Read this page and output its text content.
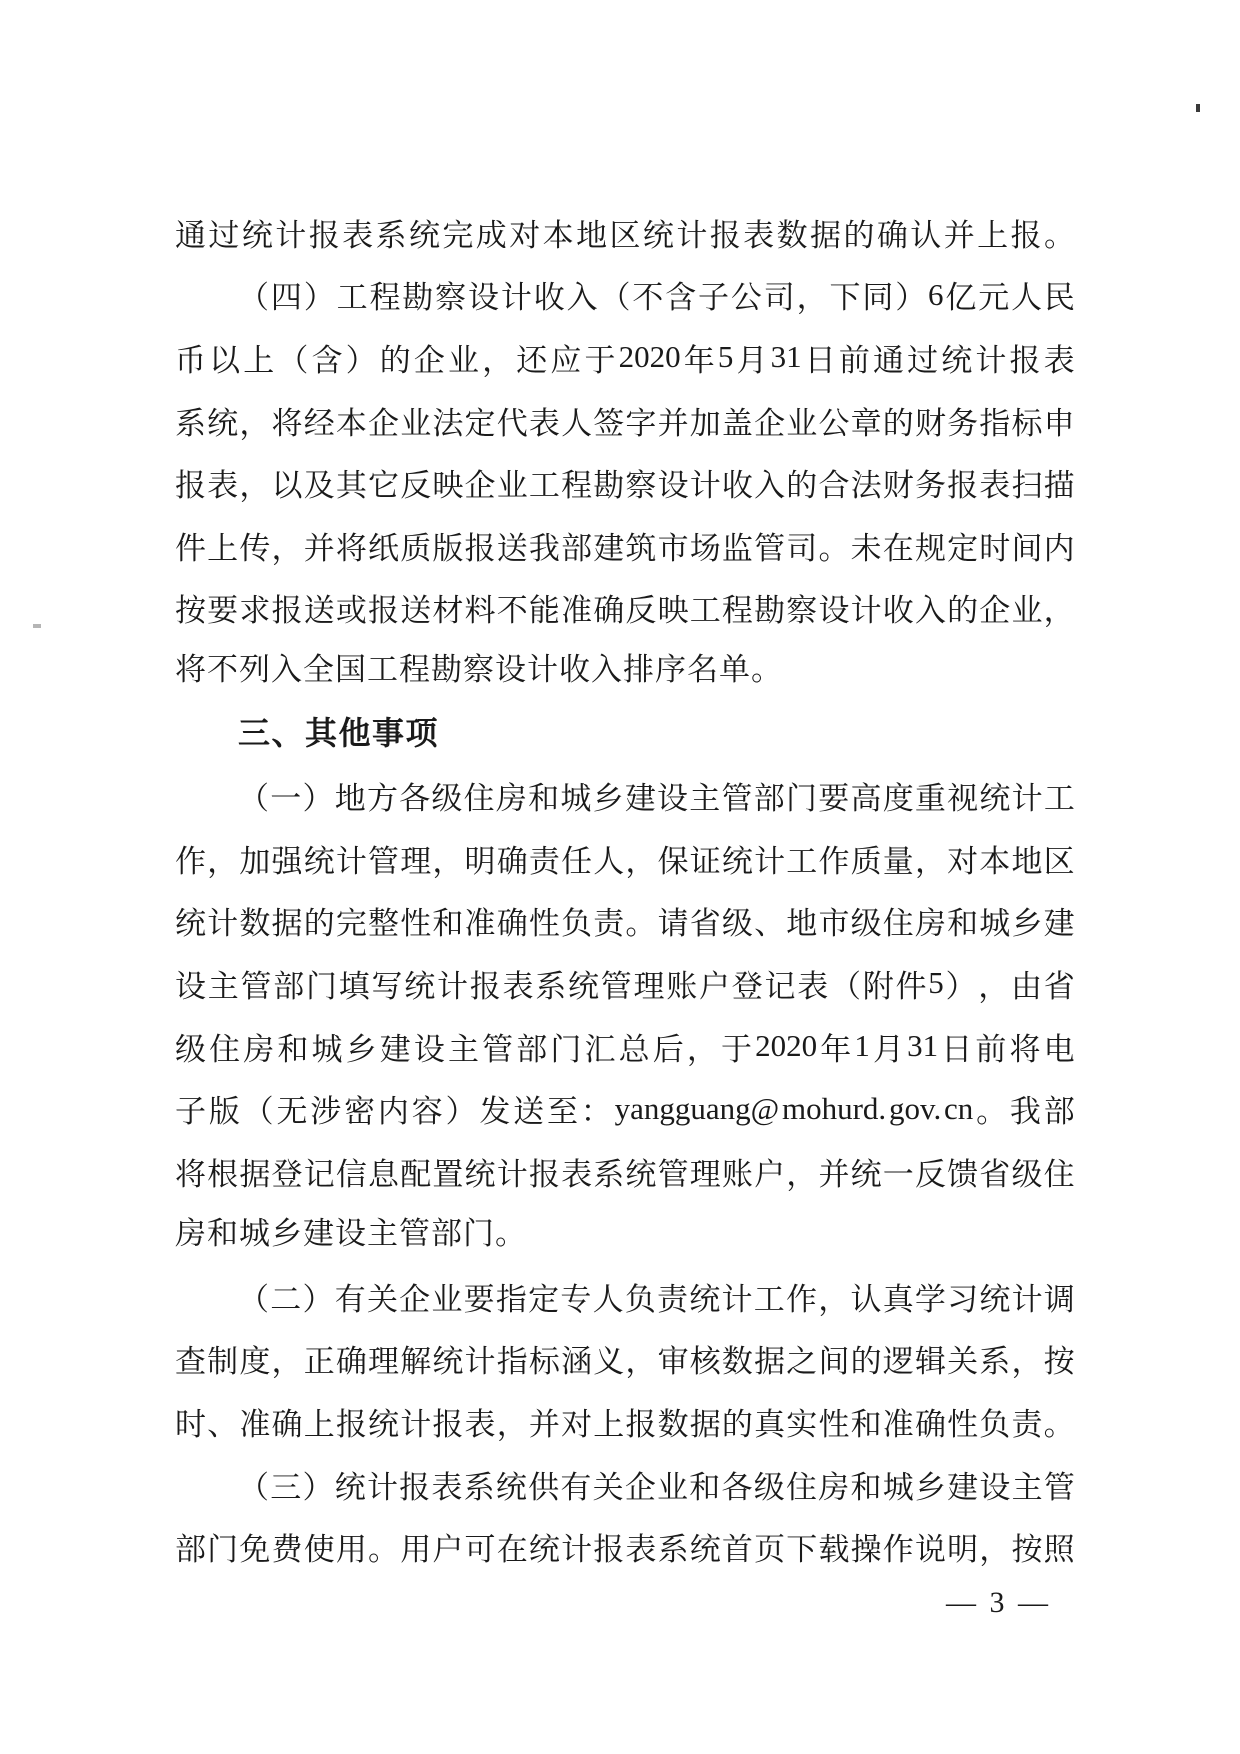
通 过 统 计 报 表 系 统 完 成 对 本 地 区 统 计 报 表 数 据 的 确 认 并 上 报 。
（ 四 ） 工 程 勘 察 设 计 收 入 （ 不 含 子 公 司 ， 下 同 ） 6 亿 元 人 民
币 以 上 （ 含 ） 的 企 业 ， 还 应 于 2020 年 5 月 31 日 前 通 过 统 计 报 表
系 统 ， 将 经 本 企 业 法 定 代 表 人 签 字 并 加 盖 企 业 公 章 的 财 务 指 标 申
报 表 ， 以 及 其 它 反 映 企 业 工 程 勘 察 设 计 收 入 的 合 法 财 务 报 表 扫 描
件 上 传 ， 并 将 纸 质 版 报 送 我 部 建 筑 市 场 监 管 司 。 未 在 规 定 时 间 内
按 要 求 报 送 或 报 送 材 料 不 能 准 确 反 映 工 程 勘 察 设 计 收 入 的 企 业 ，
将不列入全国工程勘察设计收入排序名单。
三、其他事项
（ 一 ） 地 方 各 级 住 房 和 城 乡 建 设 主 管 部 门 要 高 度 重 视 统 计 工
作 ， 加 强 统 计 管 理 ， 明 确 责 任 人 ， 保 证 统 计 工 作 质 量 ， 对 本 地 区
统 计 数 据 的 完 整 性 和 准 确 性 负 责 。 请 省 级 、 地 市 级 住 房 和 城 乡 建
设 主 管 部 门 填 写 统 计 报 表 系 统 管 理 账 户 登 记 表 （ 附 件 5 ） ， 由 省
级 住 房 和 城 乡 建 设 主 管 部 门 汇 总 后 ， 于 2020 年 1 月 31 日 前 将 电
子 版 （ 无 涉 密 内 容 ） 发 送 至 ： yangguang@ mohurd. gov. cn 。 我 部
将 根 据 登 记 信 息 配 置 统 计 报 表 系 统 管 理 账 户 ， 并 统 一 反 馈 省 级 住
房和城乡建设主管部门。
（ 二 ） 有 关 企 业 要 指 定 专 人 负 责 统 计 工 作 ， 认 真 学 习 统 计 调
查 制 度 ， 正 确 理 解 统 计 指 标 涵 义 ， 审 核 数 据 之 间 的 逻 辑 关 系 ， 按
时 、 准 确 上 报 统 计 报 表 ， 并 对 上 报 数 据 的 真 实 性 和 准 确 性 负 责 。
（ 三 ） 统 计 报 表 系 统 供 有 关 企 业 和 各 级 住 房 和 城 乡 建 设 主 管
部 门 免 费 使 用 。 用 户 可 在 统 计 报 表 系 统 首 页 下 载 操 作 说 明 ， 按 照
— 3 —
